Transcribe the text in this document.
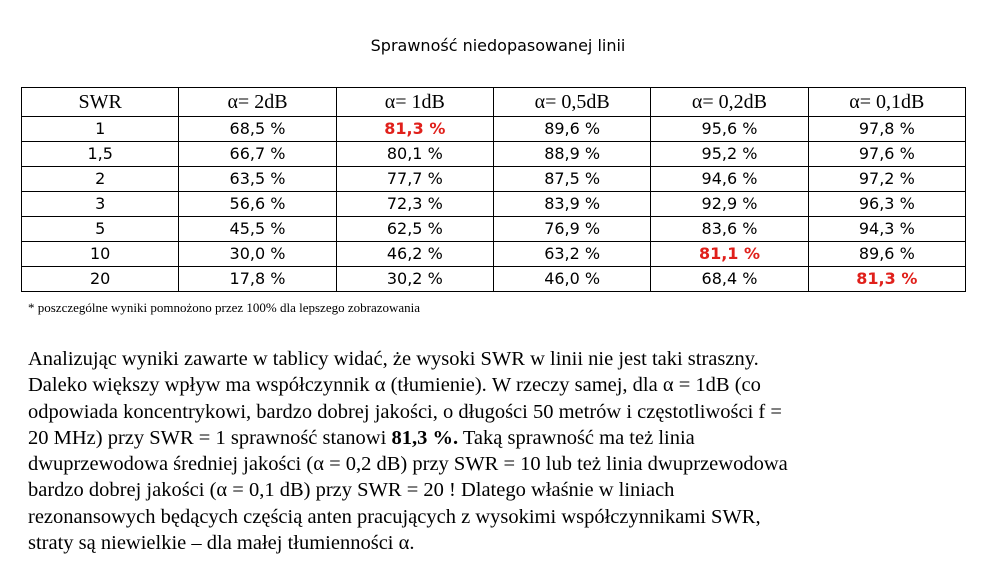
Sprawność niedopasowanej linii
SWR	α= 2dB	α= 1dB	α= 0,5dB	α= 0,2dB	α= 0,1dB
1	68,5 %	81,3 %	89,6 %	95,6 %	97,8 %
1,5	66,7 %	80,1 %	88,9 %	95,2 %	97,6 %
2	63,5 %	77,7 %	87,5 %	94,6 %	97,2 %
3	56,6 %	72,3 %	83,9 %	92,9 %	96,3 %
5	45,5 %	62,5 %	76,9 %	83,6 %	94,3 %
10	30,0 %	46,2 %	63,2 %	81,1 %	89,6 %
20	17,8 %	30,2 %	46,0 %	68,4 %	81,3 %
* poszczególne wyniki pomnożono przez 100% dla lepszego zobrazowania
Analizując wyniki zawarte w tablicy widać, że wysoki SWR w linii nie jest taki straszny.
Daleko większy wpływ ma współczynnik α (tłumienie). W rzeczy samej, dla α = 1dB (co
odpowiada koncentrykowi, bardzo dobrej jakości, o długości 50 metrów i częstotliwości f =
20 MHz) przy SWR = 1 sprawność stanowi 81,3 %. Taką sprawność ma też linia
dwuprzewodowa średniej jakości (α = 0,2 dB) przy SWR = 10 lub też linia dwuprzewodowa
bardzo dobrej jakości (α = 0,1 dB) przy SWR = 20 ! Dlatego właśnie w liniach
rezonansowych będących częścią anten pracujących z wysokimi współczynnikami SWR,
straty są niewielkie – dla małej tłumienności α.
